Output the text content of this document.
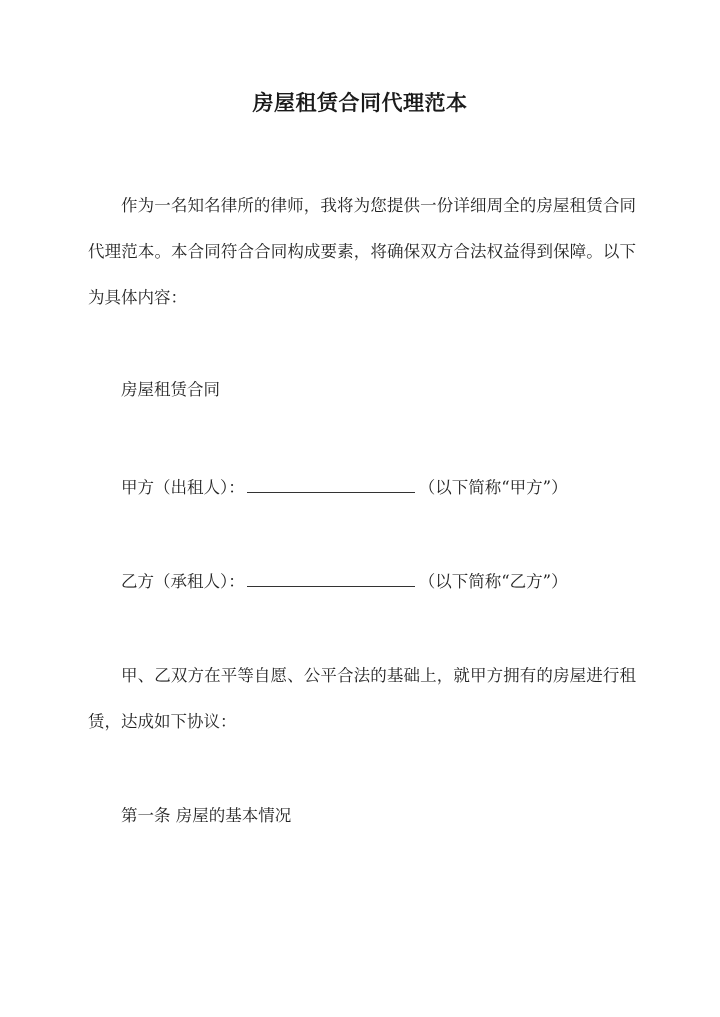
房屋租赁合同代理范本
作为一名知名律所的律师，我将为您提供一份详细周全的房屋租赁合同代理范本。本合同符合合同构成要素，将确保双方合法权益得到保障。以下为具体内容：
房屋租赁合同
甲方（出租人）：	（以下简称“甲方”）
乙方（承租人）：	（以下简称“乙方”）
甲、乙双方在平等自愿、公平合法的基础上，就甲方拥有的房屋进行租赁，达成如下协议：
第一条 房屋的基本情况
